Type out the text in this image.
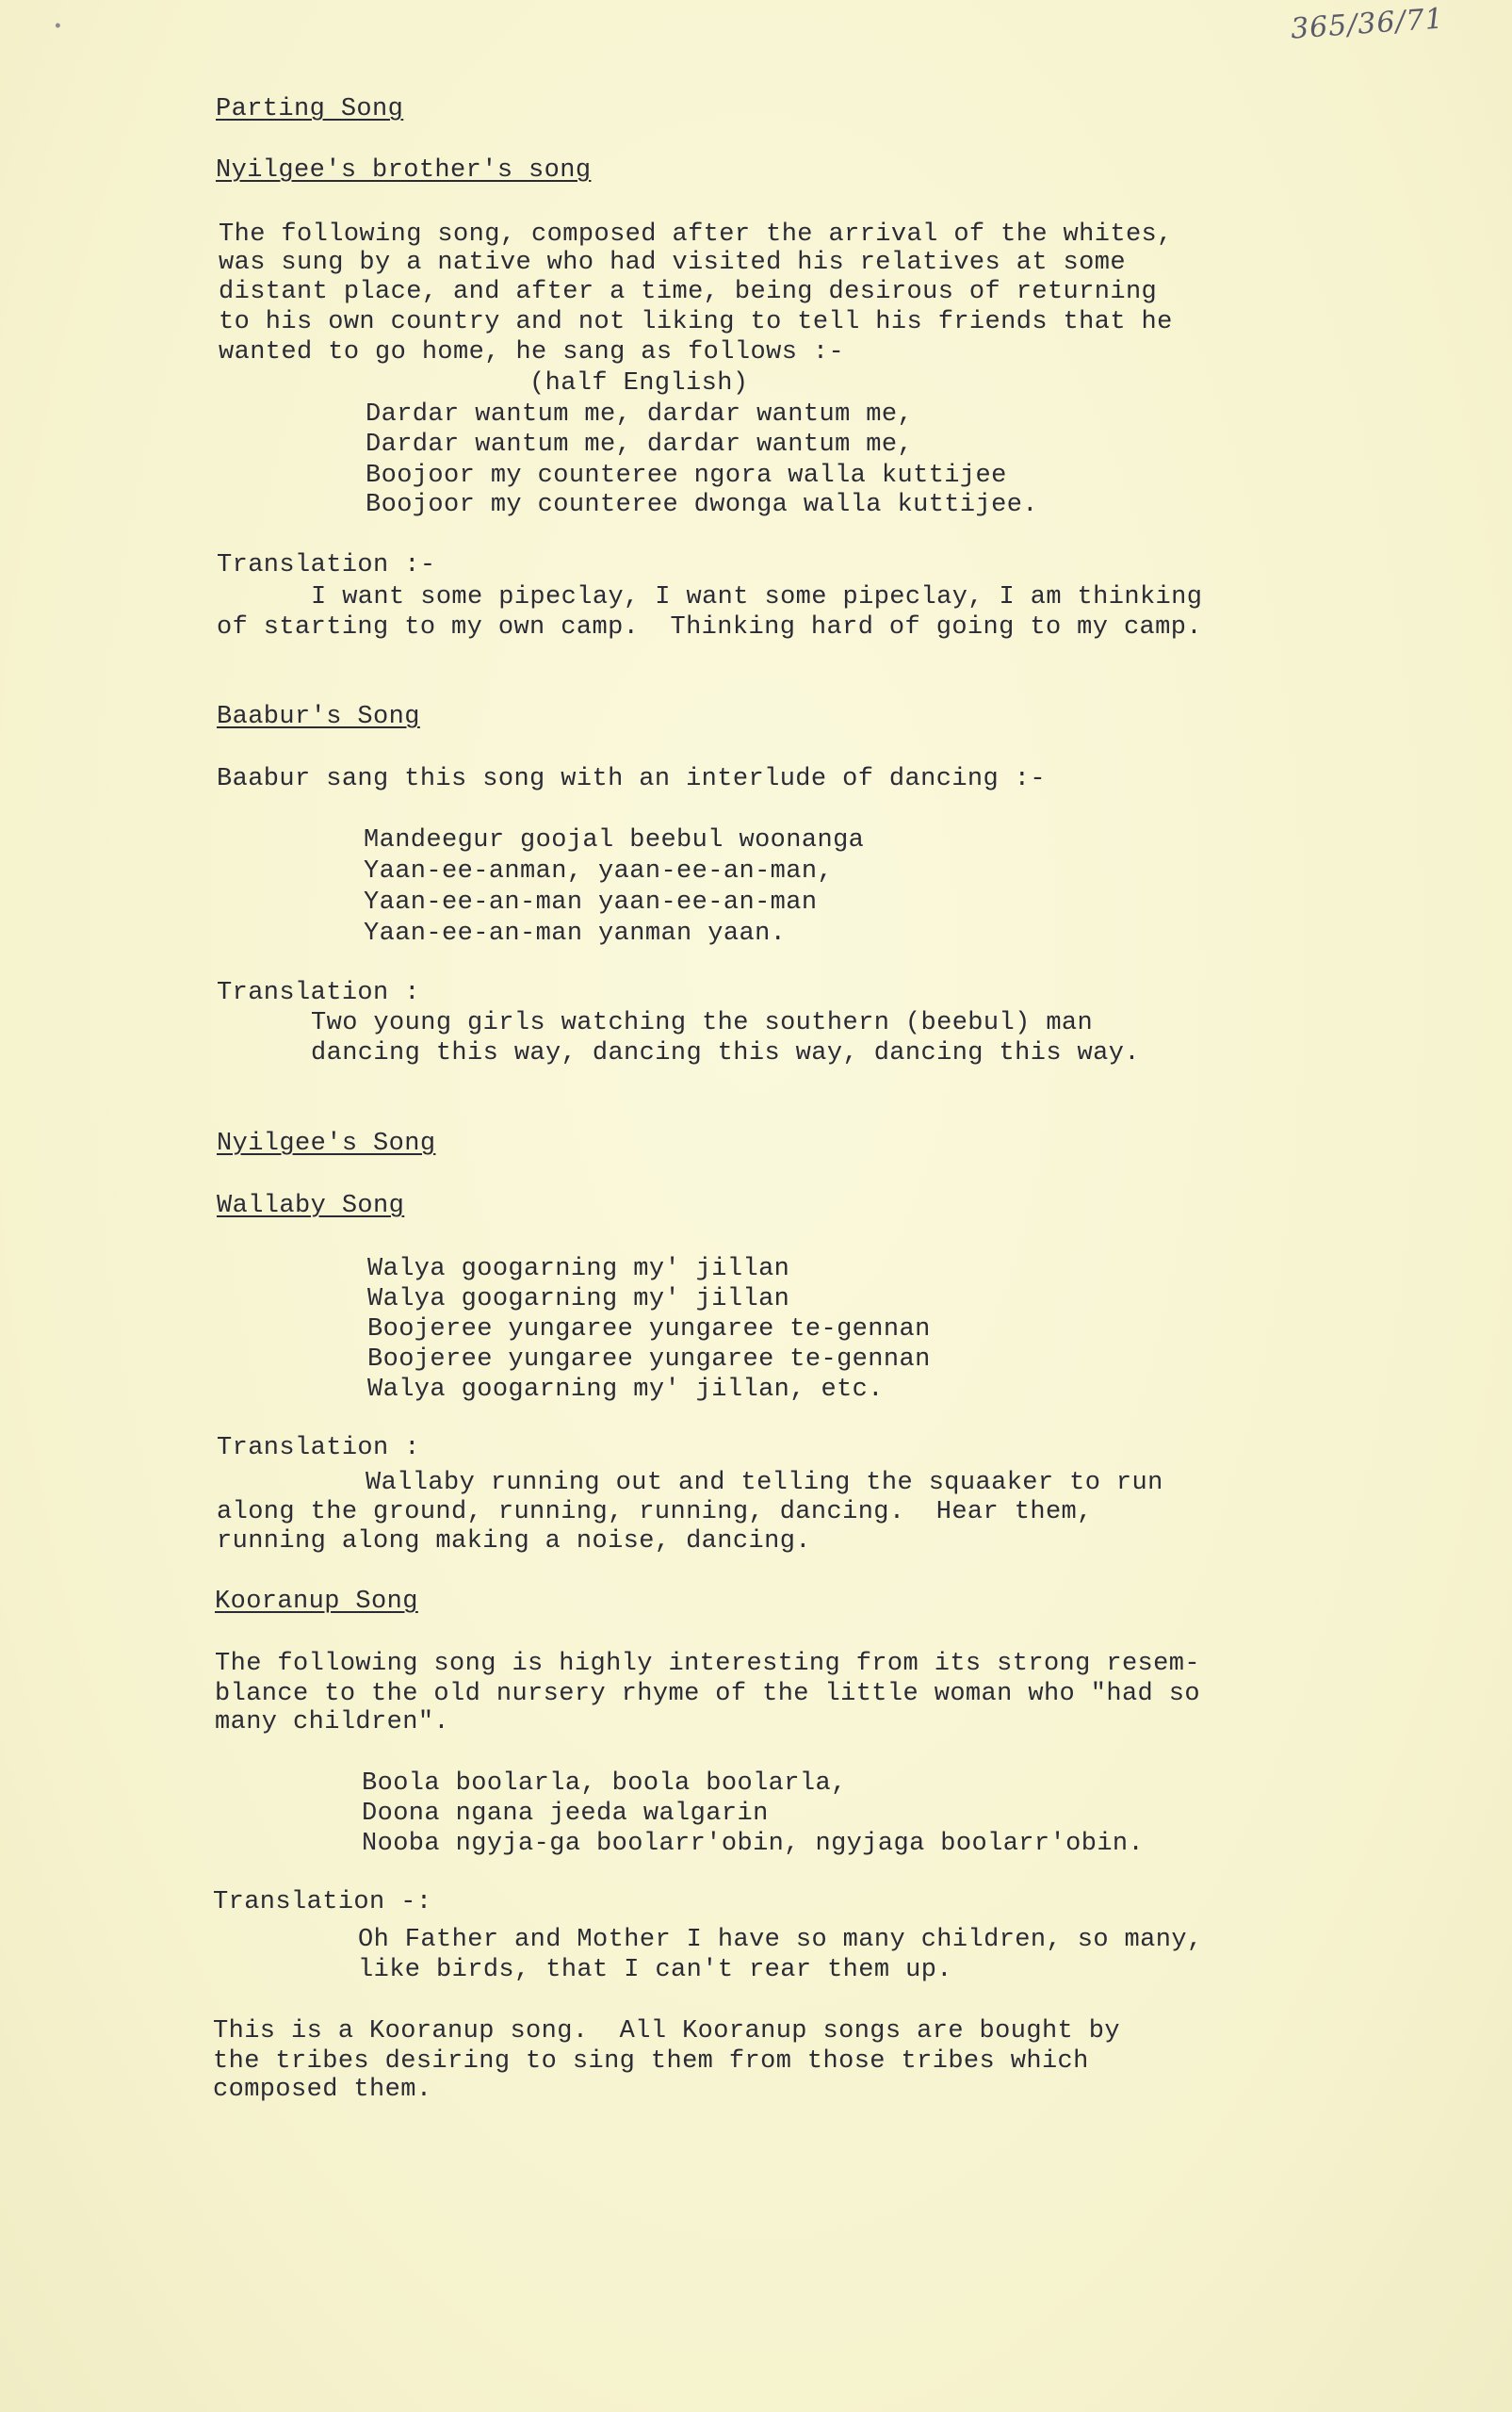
•	365/36/71
Parting Song
Nyilgee's brother's song
The following song, composed after the arrival of the whites,
was sung by a native who had visited his relatives at some
distant place, and after a time, being desirous of returning
to his own country and not liking to tell his friends that he
wanted to go home, he sang as follows :-
(half English)
Dardar wantum me, dardar wantum me,
Dardar wantum me, dardar wantum me,
Boojoor my counteree ngora walla kuttijee
Boojoor my counteree dwonga walla kuttijee.
Translation :-
I want some pipeclay, I want some pipeclay, I am thinking
of starting to my own camp.  Thinking hard of going to my camp.
Baabur's Song
Baabur sang this song with an interlude of dancing :-
Mandeegur goojal beebul woonanga
Yaan-ee-anman, yaan-ee-an-man,
Yaan-ee-an-man yaan-ee-an-man
Yaan-ee-an-man yanman yaan.
Translation :
Two young girls watching the southern (beebul) man
dancing this way, dancing this way, dancing this way.
Nyilgee's Song
Wallaby Song
Walya googarning my' jillan
Walya googarning my' jillan
Boojeree yungaree yungaree te-gennan
Boojeree yungaree yungaree te-gennan
Walya googarning my' jillan, etc.
Translation :
Wallaby running out and telling the squaaker to run
along the ground, running, running, dancing.  Hear them,
running along making a noise, dancing.
Kooranup Song
The following song is highly interesting from its strong resem-
blance to the old nursery rhyme of the little woman who "had so
many children".
Boola boolarla, boola boolarla,
Doona ngana jeeda walgarin
Nooba ngyja-ga boolarr'obin, ngyjaga boolarr'obin.
Translation -:
Oh Father and Mother I have so many children, so many,
like birds, that I can't rear them up.
This is a Kooranup song.  All Kooranup songs are bought by
the tribes desiring to sing them from those tribes which
composed them.
